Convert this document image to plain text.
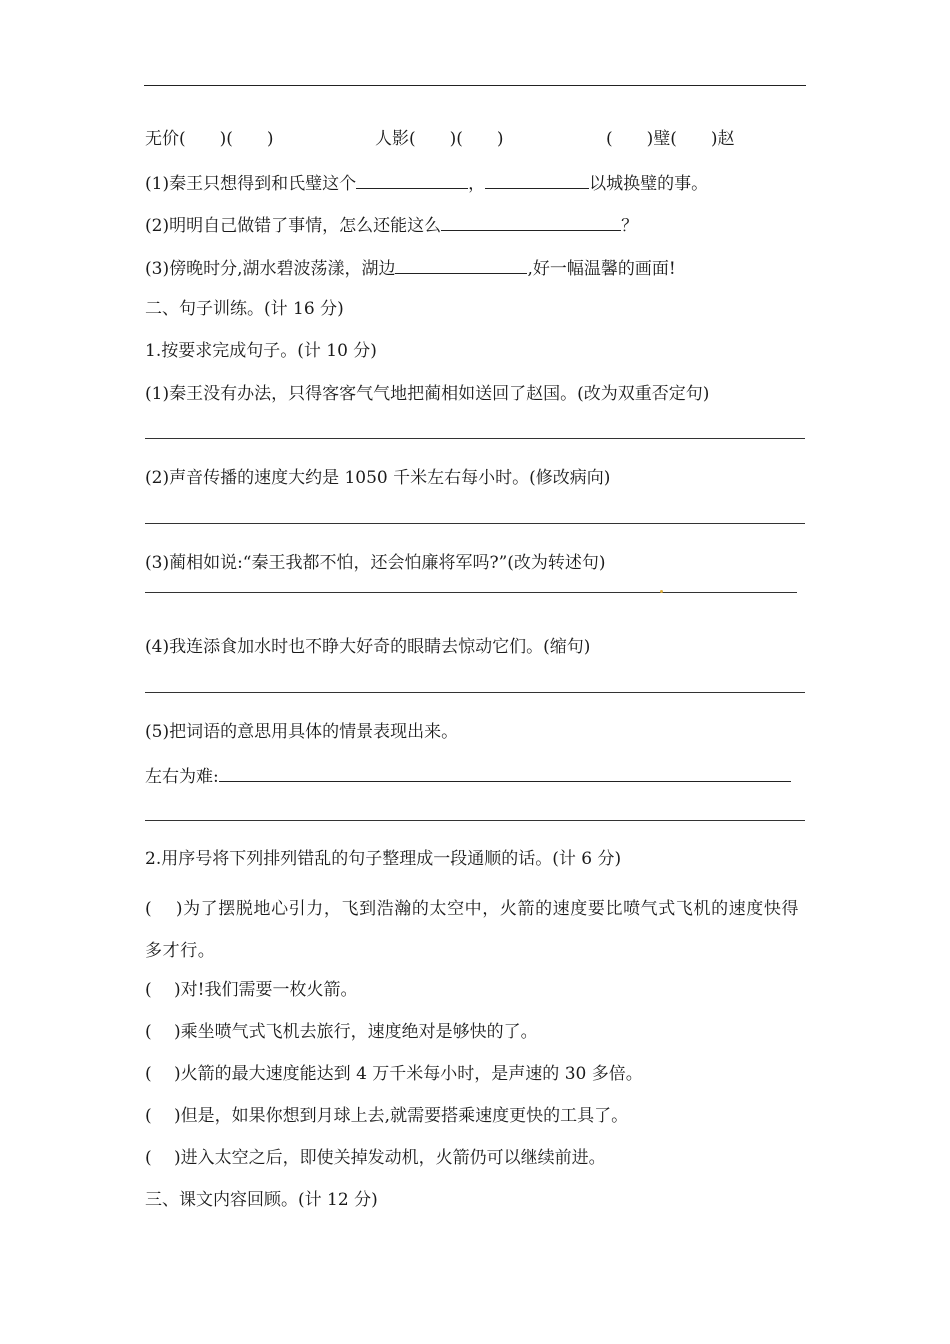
无价(　　)(　　)	人影(　　)(　　)	(　　)璧(　　)赵
(1)秦王只想得到和氏璧这个	，	以城换璧的事。
(2)明明自己做错了事情，怎么还能这么	？
(3)傍晚时分,湖水碧波荡漾，湖边	,好一幅温馨的画面!
二、句子训练。(计 16 分)
1.按要求完成句子。(计 10 分)
(1)秦王没有办法，只得客客气气地把蔺相如送回了赵国。(改为双重否定句)
(2)声音传播的速度大约是 1050 千米左右每小时。(修改病向)
(3)蔺相如说:“秦王我都不怕，还会怕廉将军吗?”(改为转述句)
(4)我连添食加水时也不睁大好奇的眼睛去惊动它们。(缩句)
(5)把词语的意思用具体的情景表现出来。
左右为难:
2.用序号将下列排列错乱的句子整理成一段通顺的话。(计 6 分)
(　 )为了摆脱地心引力，飞到浩瀚的太空中，火箭的速度要比喷气式飞机的速度快得多才行。
(　 )对!我们需要一枚火箭。
(　 )乘坐喷气式飞机去旅行，速度绝对是够快的了。
(　 )火箭的最大速度能达到 4 万千米每小时，是声速的 30 多倍。
(　 )但是，如果你想到月球上去,就需要搭乘速度更快的工具了。
(　 )进入太空之后，即使关掉发动机，火箭仍可以继续前进。
三、课文内容回顾。(计 12 分)
